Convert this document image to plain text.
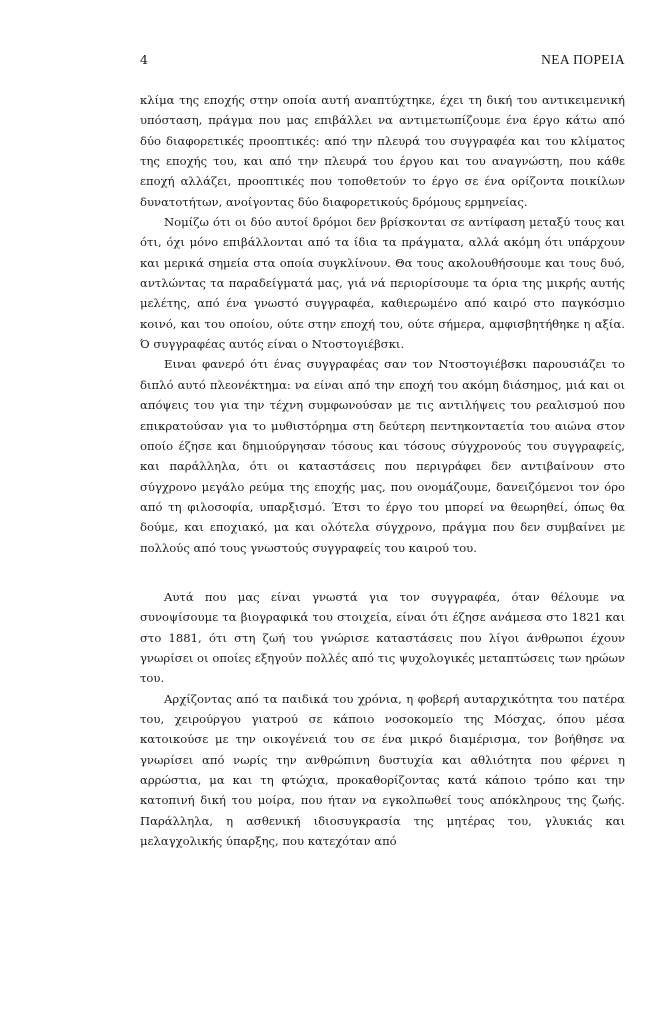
4	ΝΕΑ ΠΟΡΕΙΑ

κλίμα της εποχής στην οποία αυτή αναπτύχτηκε, έχει τη δική του αντικειμενική υπόσταση, πράγμα που μας επιβάλλει να αντιμετωπίζουμε ένα έργο κάτω από δύο διαφορετικές προοπτικές: από την πλευρά του συγγραφέα και του κλίματος της εποχής του, και από την πλευρά του έργου και του αναγνώστη, που κάθε εποχή αλλάζει, προοπτικές που τοποθετούν το έργο σε ένα ορίζοντα ποικίλων δυνατοτήτων, ανοίγοντας δύο διαφορετικούς δρόμους ερμηνείας.

Νομίζω ότι οι δύο αυτοί δρόμοι δεν βρίσκονται σε αντίφαση μεταξύ τους και ότι, όχι μόνο επιβάλλονται από τα ίδια τα πράγματα, αλλά ακόμη ότι υπάρχουν και μερικά σημεία στα οποία συγκλίνουν. Θα τους ακολουθήσουμε και τους δυό, αντλώντας τα παραδείγματά μας, γιά νά περιορίσουμε τα όρια της μικρής αυτής μελέτης, από ένα γνωστό συγγραφέα, καθιερωμένο από καιρό στο παγκόσμιο κοινό, και του οποίου, ούτε στην εποχή του, ούτε σήμερα, αμφισβητήθηκε η αξία. Ό συγγραφέας αυτός είναι ο Ντοστογιέβσκι.

Ειναι φανερό ότι ένας συγγραφέας σαν τον Ντοστογιέβσκι παρουσιάζει το διπλό αυτό πλεονέκτημα: να είναι από την εποχή του ακόμη διάσημος, μιά και οι απόψεις του για την τέχνη συμφωνούσαν με τις αντιλήψεις του ρεαλισμού που επικρατούσαν για το μυθιστόρημα στη δεύτερη πεντηκονταετία του αιώνα στον οποίο έζησε και δημιούργησαν τόσους και τόσους σύγχρονούς του συγγραφείς, και παράλληλα, ότι οι καταστάσεις που περιγράφει δεν αντιβαίνουν στο σύγχρονο μεγάλο ρεύμα της εποχής μας, που ονομάζουμε, δανειζόμενοι τον όρο από τη φιλοσοφία, υπαρξισμό. Έτσι το έργο του μπορεί να θεωρηθεί, όπως θα δούμε, και εποχιακό, μα και ολότελα σύγχρονο, πράγμα που δεν συμβαίνει με πολλούς από τους γνωστούς συγγραφείς του καιρού του.

Αυτά που μας είναι γνωστά για τον συγγραφέα, όταν θέλουμε να συνοψίσουμε τα βιογραφικά του στοιχεία, είναι ότι έζησε ανάμεσα στο 1821 και στο 1881, ότι στη ζωή του γνώρισε καταστάσεις που λίγοι άνθρωποι έχουν γνωρίσει οι οποίες εξηγούν πολλές από τις ψυχολογικές μεταπτώσεις των ηρώων του.

Αρχίζοντας από τα παιδικά του χρόνια, η φοβερή αυταρχικότητα του πατέρα του, χειρούργου γιατρού σε κάποιο νοσοκομείο της Μόσχας, όπου μέσα κατοικούσε με την οικογένειά του σε ένα μικρό διαμέρισμα, τον βοήθησε να γνωρίσει από νωρίς την ανθρώπινη δυστυχία και αθλιότητα που φέρνει η αρρώστια, μα και τη φτώχια, προκαθορίζοντας κατά κάποιο τρόπο και την κατοπινή δική του μοίρα, που ήταν να εγκολπωθεί τους απόκληρους της ζωής. Παράλληλα, η ασθενική ιδιοσυγκρασία της μητέρας του, γλυκιάς και μελαγχολικής ύπαρξης, που κατεχόταν από
